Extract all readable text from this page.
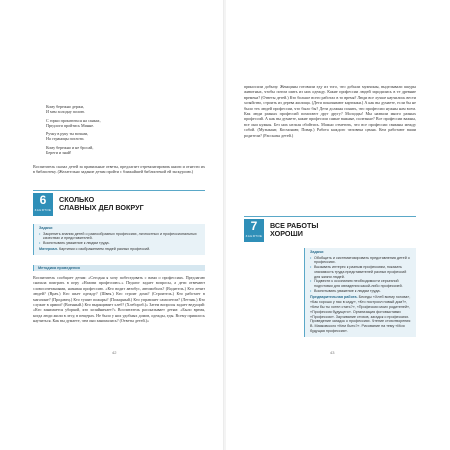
Кому бережно держи,
И мен холодну полою.
С горки прокатиться на санках,
Предлоги пройтись Минне.
Ручку в руку ты возьми,
На страницы поглоти.
Кому бережно и не бросай,
Береги и знай!

Воспитатель сказал детей за правильные ответы, предлагает отремонтировать книги и отнести их в библиотеку. (Желательно задание детям пройти с ближайшей библиотекой ей экскурсию.)

6
ЗАНЯТИЕ
СКОЛЬКО
СЛАВНЫХ ДЕЛ ВОКРУГ
Задачи
• Закрепить знания детей о разнообразных профессиях, личностных и профессиональных качествах и представителей.
• Воспитывать уважение к людям труда.
Материал. Картинки с изображением людей разных профессий.
Методика проведения

Воспитатель сообщает детям: «Сегодня я хочу побеседовать с вами о профессиях. Предлагаю сначала поиграть в игру «Назови профессию».» Педагог задает вопросы, а дети отвечают словосочетаниями, называя профессию. «Кто водит автобус, автомобиль? (Водитель.) Кто лечит людей? (Врач.) Кто шьет одежду? (Швея.) Кто строит дома? (Строитель.) Кто работает в магазине? (Продавец.) Кто тушит пожары? (Пожарный.) Кто управляет самолетом? (Летчик.) Кто служит в армии? (Военный.) Кто выращивает хлеб? (Хлебороб.)» Затем вопросы задает ведущий: «Кто занимается уборкой, кто хозяйничает?» Воспитатель рассказывает детям: «Было время, когда люди жили в лесу, в пещерах. Не было у них удобных домов, одежды, еды. Всему пришлось научиться. Как вы думаете, чем они занимались? (Ответы детей.)»

42

приносили добычу. Женщины готовили еду из того, что добыли мужчины, выделывали шкуры животных, чтобы потом шить из них одежду. Какие профессии людей зародились в те древние времена? (Ответы детей.) Кто больше всего работал в то время? Люди все лучше научились вести хозяйство, строить из дерева жилища. (Дети показывают картинки.) А как вы думаете, если бы не было тех людей профессии, что было бы? Дети должны понять, что профессии нужны нам всем. Как люди разных профессий помогают друг другу? Молодцы! Мы назвали много разных профессий. А как вы думаете, какие профессии самые важные, полезные? Все профессии важны, все они нужны. Без них нельзя обойтись. Можно отметить, что все профессии связаны между собой. (Музыкант, Космонавт, Повар.) Работа каждого человека ценна. Кем работают ваши родители? (Рассказы детей.)

7
ЗАНЯТИЕ
ВСЕ РАБОТЫ
ХОРОШИ
Задачи
• Обобщить и систематизировать представления детей о профессиях.
• Вызывать интерес к разным профессиям, показать значимость труда представителей разных профессий для жизни людей.
• Подвести к осознанию необходимости серьезной подготовки для овладения какой-либо профессией.
• Воспитывать уважение к людям труда.
Предварительная работа. Беседы «Хлеб всему голова», «Как хорошо у нас в саду», «Кто построил новый дом?», «Кем бы ты хотел стать?», «Профессии моих родителей», «Профессия будущего». Организация фотовыставки «Профессии». Заучивание стихов, загадок о профессиях. Проведение загадок о профессиях. Чтение стихотворения В. Маяковского «Кем быть?». Рисование на тему «Моя будущая профессия».
43
